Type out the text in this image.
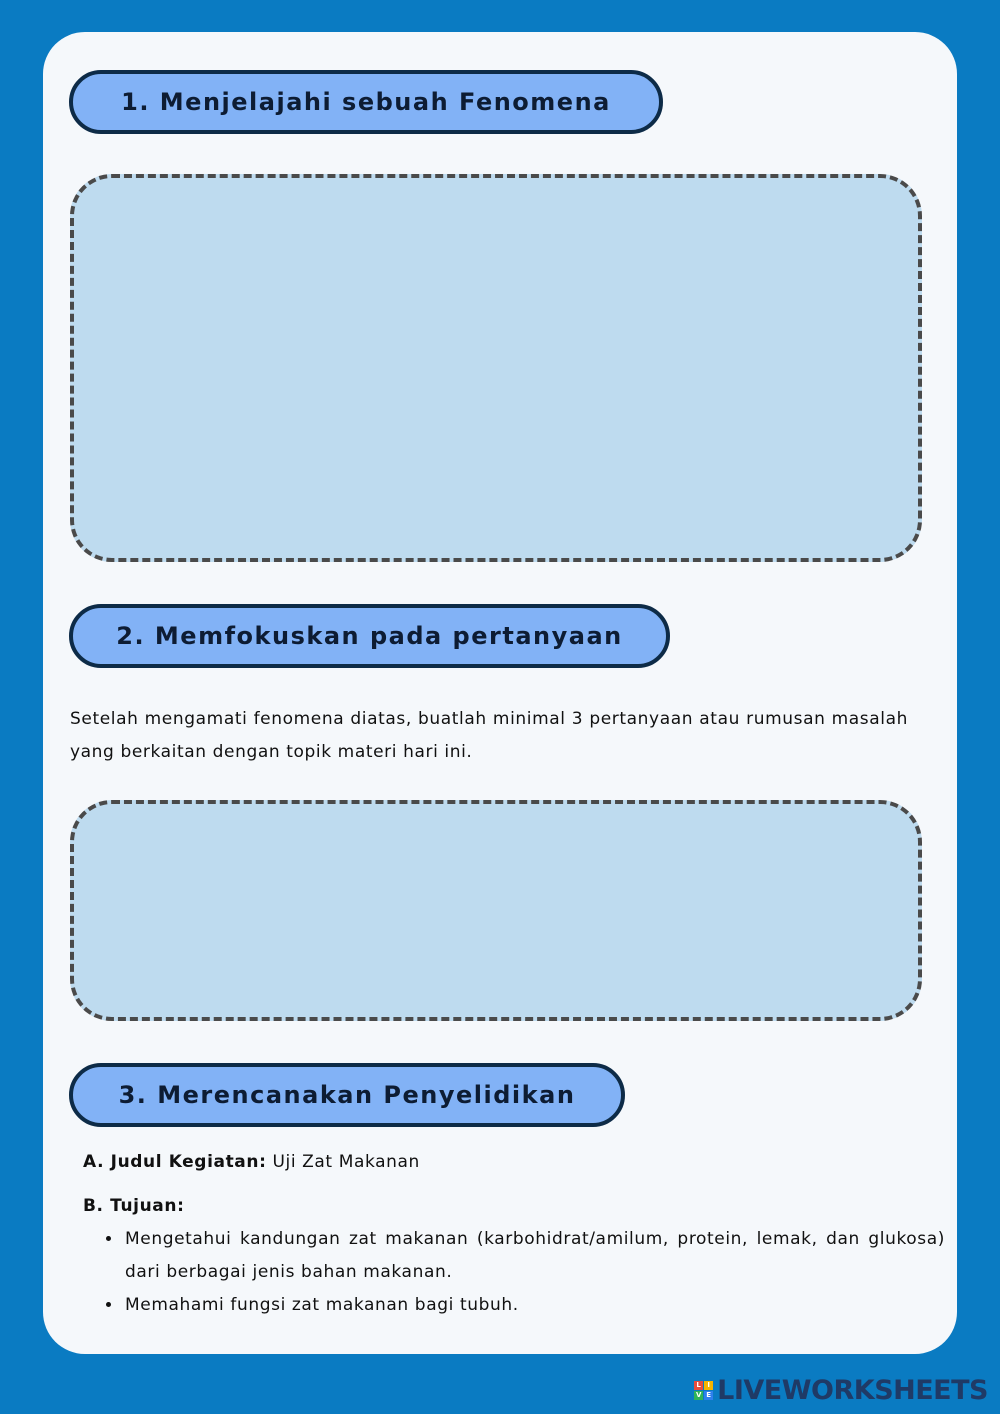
1. Menjelajahi sebuah Fenomena
2. Memfokuskan pada pertanyaan
Setelah mengamati fenomena diatas, buatlah minimal 3 pertanyaan atau rumusan masalah yang berkaitan dengan topik materi hari ini.
3. Merencanakan Penyelidikan
A. Judul Kegiatan: Uji Zat Makanan
B. Tujuan:
• Mengetahui kandungan zat makanan (karbohidrat/amilum, protein, lemak, dan glukosa) dari berbagai jenis bahan makanan.
• Memahami fungsi zat makanan bagi tubuh.
L I
V E LIVEWORKSHEETS
